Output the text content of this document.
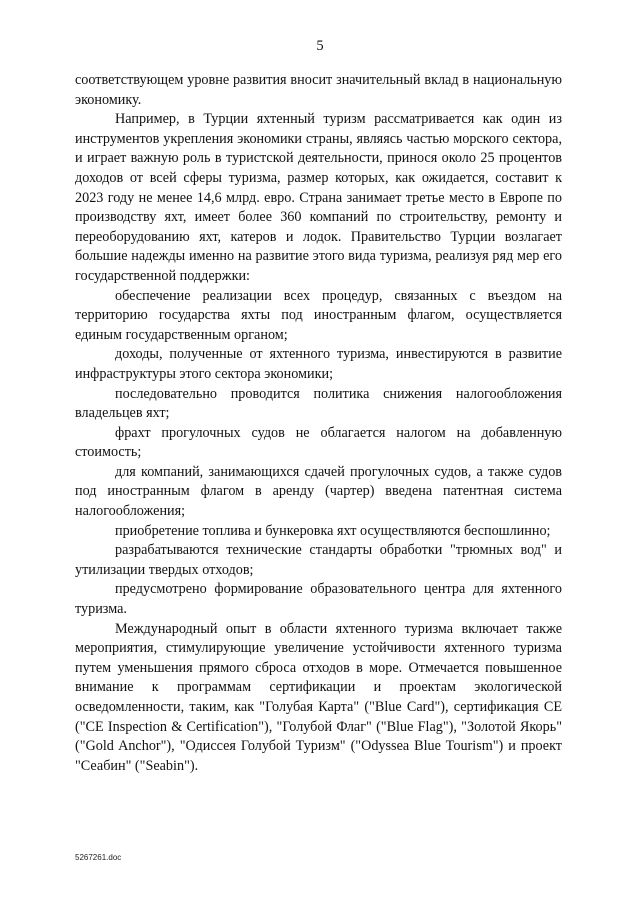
5

соответствующем уровне развития вносит значительный вклад в национальную экономику.

Например, в Турции яхтенный туризм рассматривается как один из инструментов укрепления экономики страны, являясь частью морского сектора, и играет важную роль в туристской деятельности, принося около 25 процентов доходов от всей сферы туризма, размер которых, как ожидается, составит к 2023 году не менее 14,6 млрд. евро. Страна занимает третье место в Европе по производству яхт, имеет более 360 компаний по строительству, ремонту и переоборудованию яхт, катеров и лодок. Правительство Турции возлагает большие надежды именно на развитие этого вида туризма, реализуя ряд мер его государственной поддержки:

обеспечение реализации всех процедур, связанных с въездом на территорию государства яхты под иностранным флагом, осуществляется единым государственным органом;

доходы, полученные от яхтенного туризма, инвестируются в развитие инфраструктуры этого сектора экономики;

последовательно проводится политика снижения налогообложения владельцев яхт;

фрахт прогулочных судов не облагается налогом на добавленную стоимость;

для компаний, занимающихся сдачей прогулочных судов, а также судов под иностранным флагом в аренду (чартер) введена патентная система налогообложения;

приобретение топлива и бункеровка яхт осуществляются беспошлинно;

разрабатываются технические стандарты обработки "трюмных вод" и утилизации твердых отходов;

предусмотрено формирование образовательного центра для яхтенного туризма.

Международный опыт в области яхтенного туризма включает также мероприятия, стимулирующие увеличение устойчивости яхтенного туризма путем уменьшения прямого сброса отходов в море. Отмечается повышенное внимание к программам сертификации и проектам экологической осведомленности, таким, как "Голубая Карта" ("Blue Card"), сертификация CE ("CE Inspection & Certification"), "Голубой Флаг" ("Blue Flag"), "Золотой Якорь" ("Gold Anchor"), "Одиссея Голубой Туризм" ("Odyssea Blue Tourism") и проект "Сеабин" ("Seabin").

5267261.doc
